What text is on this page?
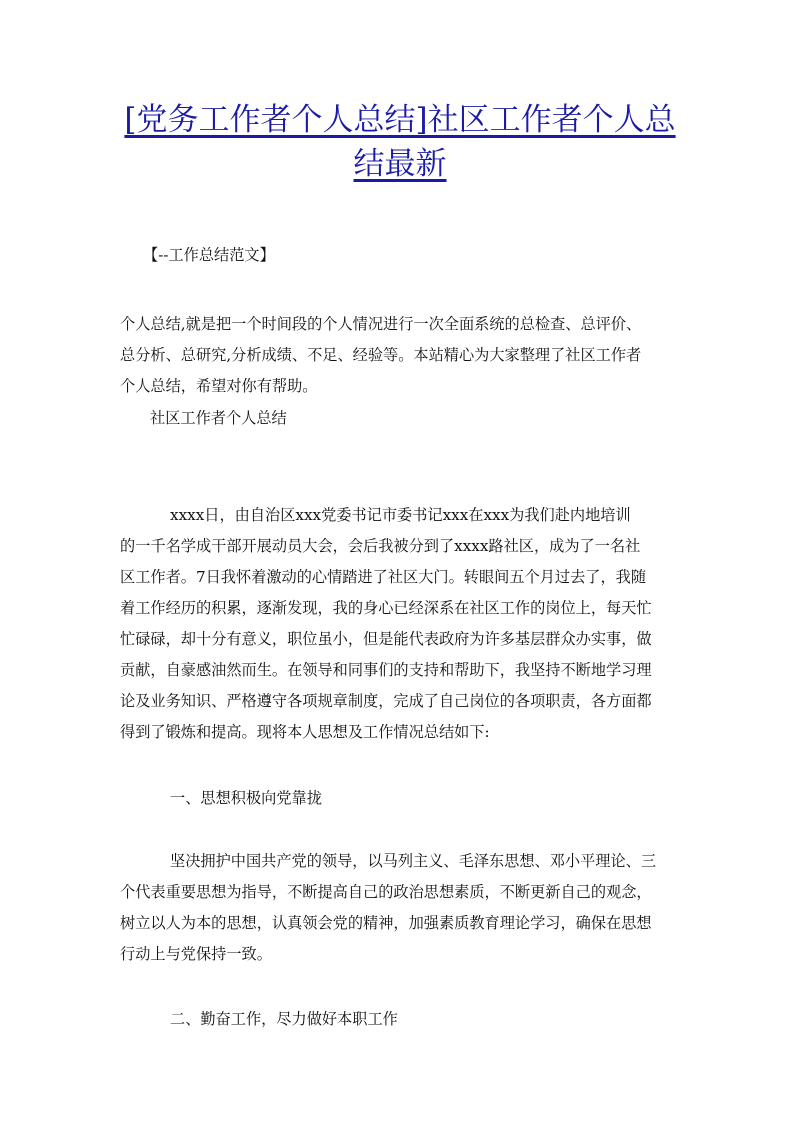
[党务工作者个人总结]社区工作者个人总
结最新

【--工作总结范文】

个人总结,就是把一个时间段的个人情况进行一次全面系统的总检查、总评价、

总分析、总研究,分析成绩、不足、经验等。本站精心为大家整理了社区工作者

个人总结，希望对你有帮助。

社区工作者个人总结

xxxx日，由自治区xxx党委书记市委书记xxx在xxx为我们赴内地培训

的一千名学成干部开展动员大会，会后我被分到了xxxx路社区，成为了一名社

区工作者。7日我怀着激动的心情踏进了社区大门。转眼间五个月过去了，我随

着工作经历的积累，逐渐发现，我的身心已经深系在社区工作的岗位上，每天忙

忙碌碌，却十分有意义，职位虽小，但是能代表政府为许多基层群众办实事，做

贡献，自豪感油然而生。在领导和同事们的支持和帮助下，我坚持不断地学习理

论及业务知识、严格遵守各项规章制度，完成了自己岗位的各项职责，各方面都

得到了锻炼和提高。现将本人思想及工作情况总结如下:

一、思想积极向党靠拢

坚决拥护中国共产党的领导，以马列主义、毛泽东思想、邓小平理论、三

个代表重要思想为指导，不断提高自己的政治思想素质，不断更新自己的观念，

树立以人为本的思想，认真领会党的精神，加强素质教育理论学习，确保在思想

行动上与党保持一致。

二、勤奋工作，尽力做好本职工作
